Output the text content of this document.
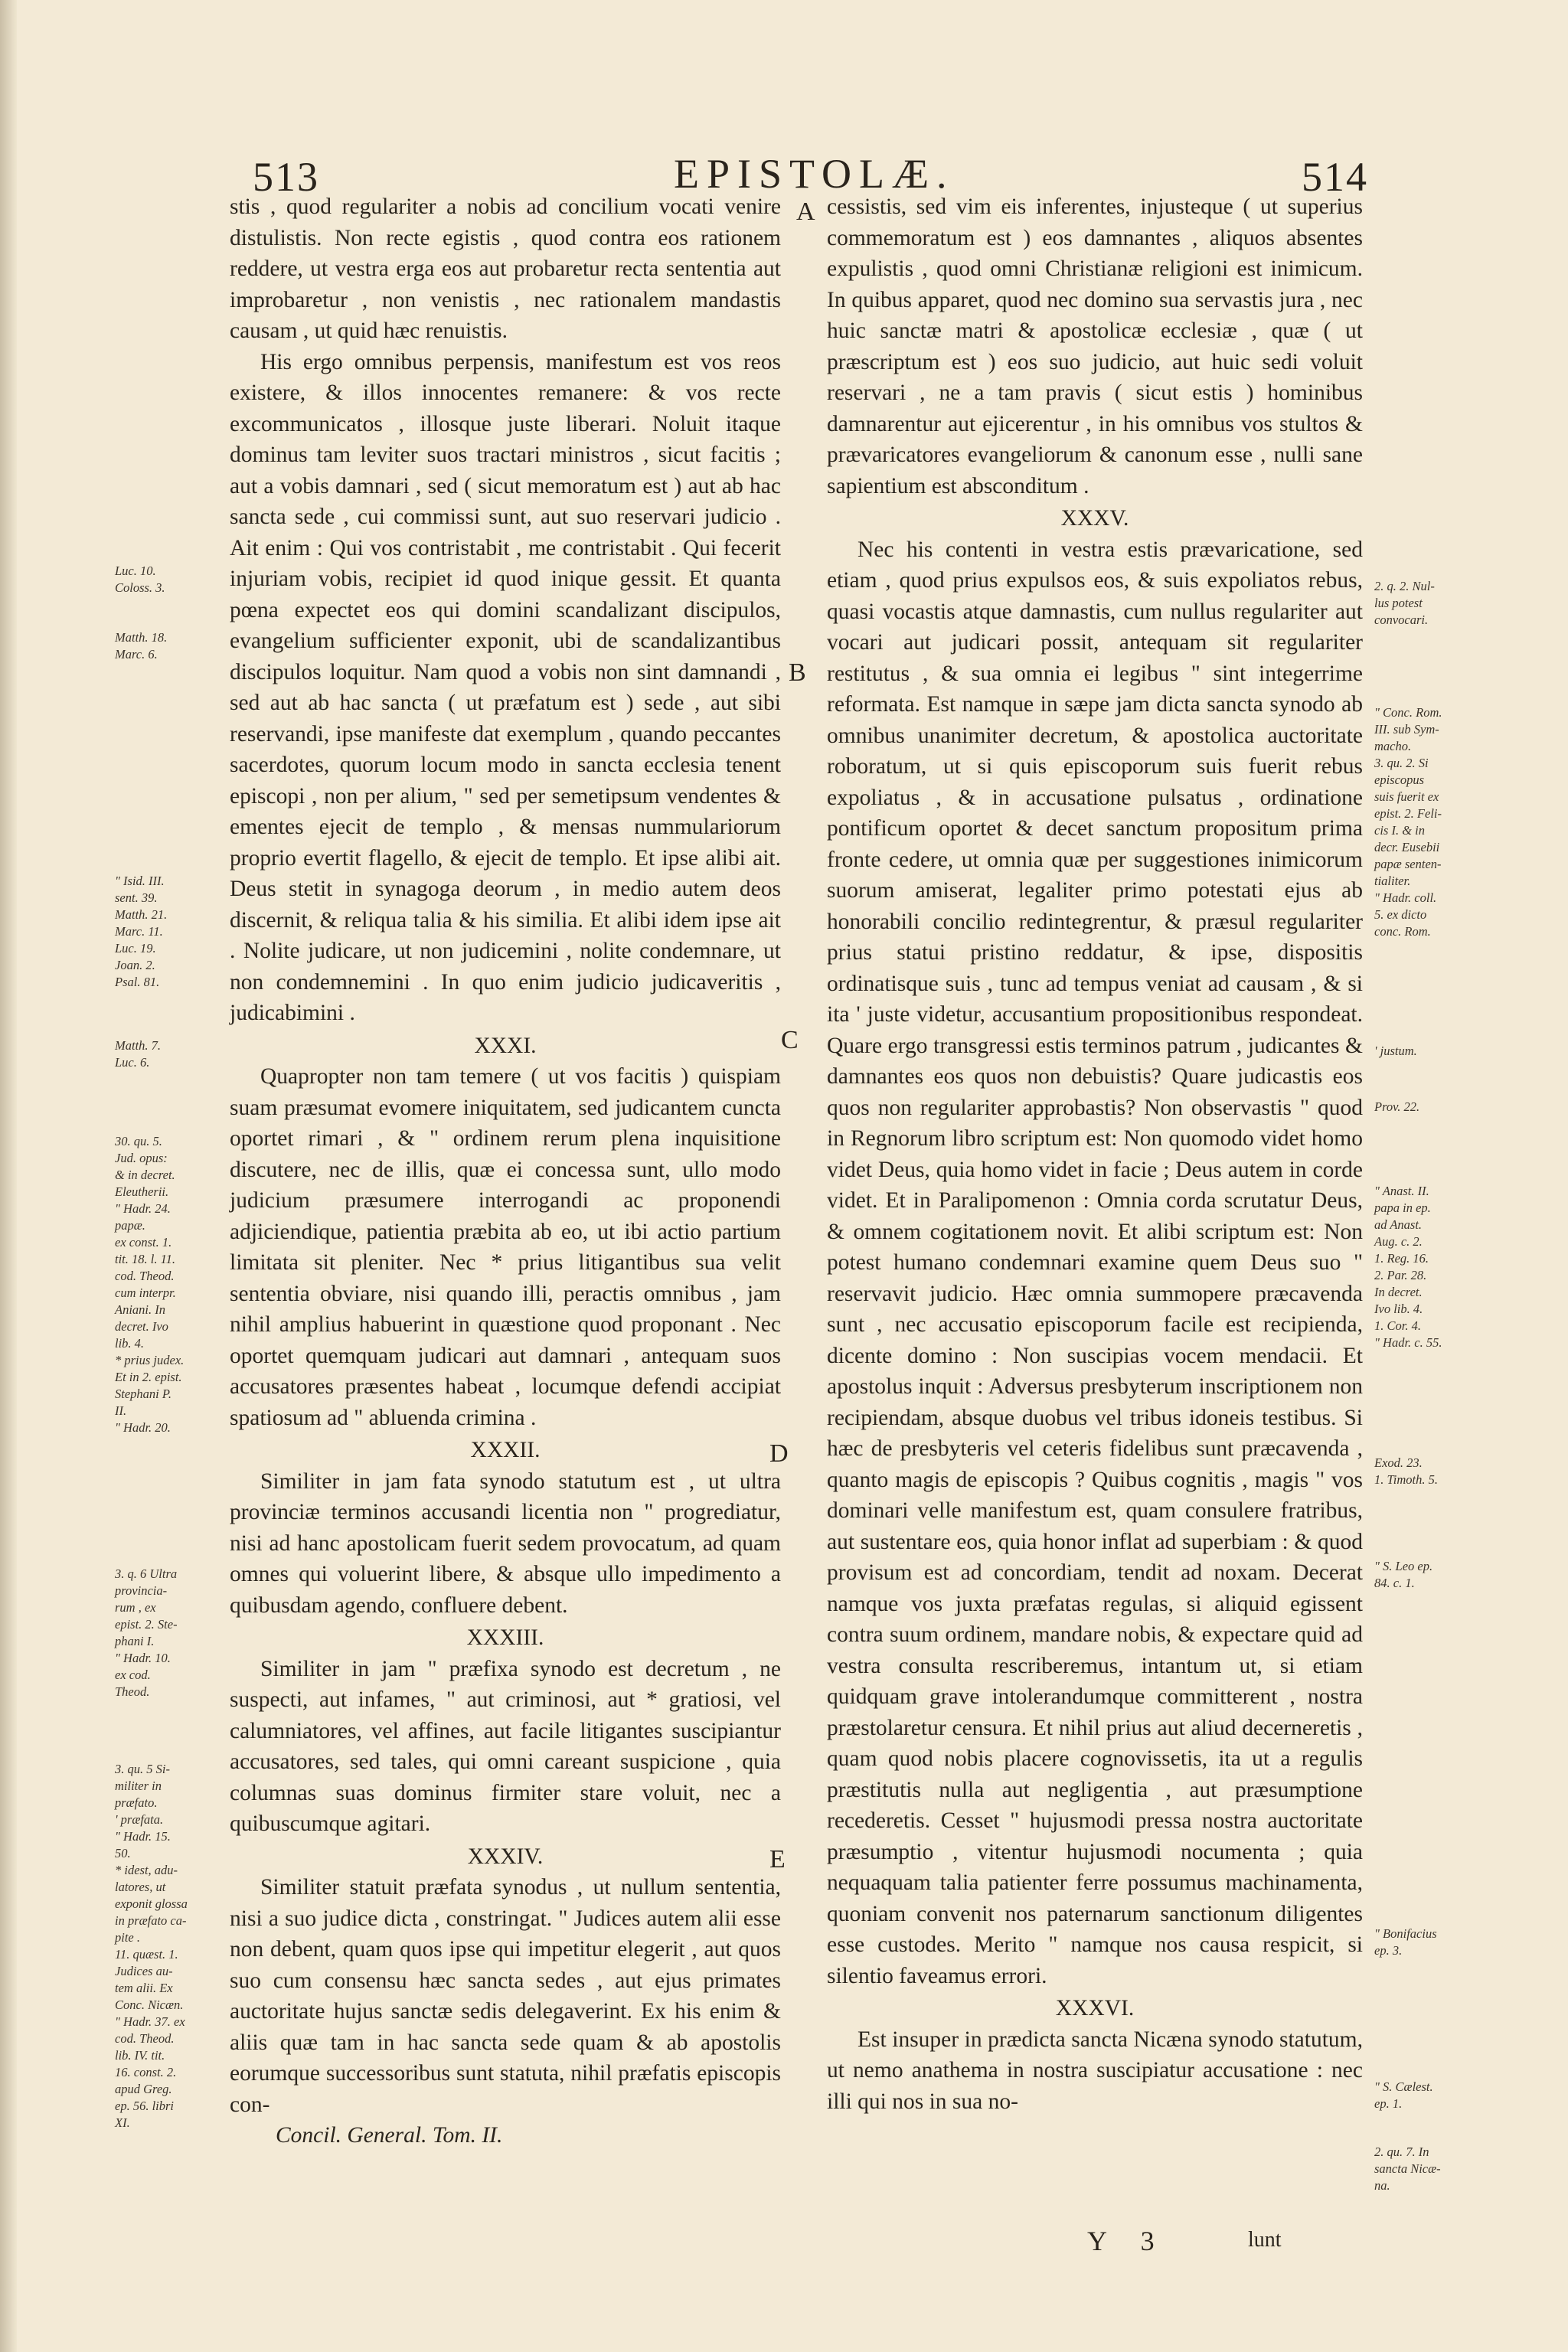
513	EPISTOLÆ.	514

stis , quod regulariter a nobis ad concilium vocati venire distulistis. Non recte egistis , quod contra eos rationem reddere, ut vestra erga eos aut probaretur recta sententia aut improbaretur , non venistis , nec rationalem mandastis causam , ut quid hæc renuistis.

His ergo omnibus perpensis, manifestum est vos reos existere, & illos innocentes remanere: & vos recte excommunicatos , illosque juste liberari. Noluit itaque dominus tam leviter suos tractari ministros , sicut facitis ; aut a vobis damnari , sed ( sicut memoratum est ) aut ab hac sancta sede , cui commissi sunt, aut suo reservari judicio . Ait enim : Qui vos contristabit , me contristabit . Qui fecerit injuriam vobis, recipiet id quod inique gessit. Et quanta pœna expectet eos qui domini scandalizant discipulos, evangelium sufficienter exponit, ubi de scandalizantibus discipulos loquitur. Nam quod a vobis non sint damnandi , sed aut ab hac sancta ( ut præfatum est ) sede , aut sibi reservandi, ipse manifeste dat exemplum , quando peccantes sacerdotes, quorum locum modo in sancta ecclesia tenent episcopi , non per alium, " sed per semetipsum vendentes & ementes ejecit de templo , & mensas nummulariorum proprio evertit flagello, & ejecit de templo. Et ipse alibi ait. Deus stetit in synagoga deorum , in medio autem deos discernit, & reliqua talia & his similia. Et alibi idem ipse ait . Nolite judicare, ut non judicemini , nolite condemnare, ut non condemnemini . In quo enim judicio judicaveritis , judicabimini .

XXXI.

Quapropter non tam temere ( ut vos facitis ) quispiam suam præsumat evomere iniquitatem, sed judicantem cuncta oportet rimari , & " ordinem rerum plena inquisitione discutere, nec de illis, quæ ei concessa sunt, ullo modo judicium præsumere interrogandi ac proponendi adjiciendique, patientia præbita ab eo, ut ibi actio partium limitata sit pleniter. Nec * prius litigantibus sua velit sententia obviare, nisi quando illi, peractis omnibus , jam nihil amplius habuerint in quæstione quod proponant . Nec oportet quemquam judicari aut damnari , antequam suos accusatores præsentes habeat , locumque defendi accipiat spatiosum ad " abluenda crimina .

XXXII.

Similiter in jam fata synodo statutum est , ut ultra provinciæ terminos accusandi licentia non " progrediatur, nisi ad hanc apostolicam fuerit sedem provocatum, ad quam omnes qui voluerint libere, & absque ullo impedimento a quibusdam agendo, confluere debent.

XXXIII.

Similiter in jam " præfixa synodo est decretum , ne suspecti, aut infames, " aut criminosi, aut * gratiosi, vel calumniatores, vel affines, aut facile litigantes suscipiantur accusatores, sed tales, qui omni careant suspicione , quia columnas suas dominus firmiter stare voluit, nec a quibuscumque agitari.

XXXIV.

Similiter statuit præfata synodus , ut nullum sententia, nisi a suo judice dicta , constringat. " Judices autem alii esse non debent, quam quos ipse qui impetitur elegerit , aut quos suo cum consensu hæc sancta sedes , aut ejus primates auctoritate hujus sanctæ sedis delegaverint. Ex his enim & aliis quæ tam in hac sancta sede quam & ab apostolis eorumque successoribus sunt statuta, nihil præfatis episcopis con-

Concil. General. Tom. II.

cessistis, sed vim eis inferentes, injusteque ( ut superius commemoratum est ) eos damnantes , aliquos absentes expulistis , quod omni Christianæ religioni est inimicum. In quibus apparet, quod nec domino sua servastis jura , nec huic sanctæ matri & apostolicæ ecclesiæ , quæ ( ut præscriptum est ) eos suo judicio, aut huic sedi voluit reservari , ne a tam pravis ( sicut estis ) hominibus damnarentur aut ejicerentur , in his omnibus vos stultos & prævaricatores evangeliorum & canonum esse , nulli sane sapientium est absconditum .

XXXV.

Nec his contenti in vestra estis prævaricatione, sed etiam , quod prius expulsos eos, & suis expoliatos rebus, quasi vocastis atque damnastis, cum nullus regulariter aut vocari aut judicari possit, antequam sit regulariter restitutus , & sua omnia ei legibus " sint integerrime reformata. Est namque in sæpe jam dicta sancta synodo ab omnibus unanimiter decretum, & apostolica auctoritate roboratum, ut si quis episcoporum suis fuerit rebus expoliatus , & in accusatione pulsatus , ordinatione pontificum oportet & decet sanctum propositum prima fronte cedere, ut omnia quæ per suggestiones inimicorum suorum amiserat, legaliter primo potestati ejus ab honorabili concilio redintegrentur, & præsul regulariter prius statui pristino reddatur, & ipse, dispositis ordinatisque suis , tunc ad tempus veniat ad causam , & si ita ' juste videtur, accusantium propositionibus respondeat. Quare ergo transgressi estis terminos patrum , judicantes & damnantes eos quos non debuistis? Quare judicastis eos quos non regulariter approbastis? Non observastis " quod in Regnorum libro scriptum est: Non quomodo videt homo videt Deus, quia homo videt in facie ; Deus autem in corde videt. Et in Paralipomenon : Omnia corda scrutatur Deus, & omnem cogitationem novit. Et alibi scriptum est: Non potest humano condemnari examine quem Deus suo " reservavit judicio. Hæc omnia summopere præcavenda sunt , nec accusatio episcoporum facile est recipienda, dicente domino : Non suscipias vocem mendacii. Et apostolus inquit : Adversus presbyterum inscriptionem non recipiendam, absque duobus vel tribus idoneis testibus. Si hæc de presbyteris vel ceteris fidelibus sunt præcavenda , quanto magis de episcopis ? Quibus cognitis , magis " vos dominari velle manifestum est, quam consulere fratribus, aut sustentare eos, quia honor inflat ad superbiam : & quod provisum est ad concordiam, tendit ad noxam. Decerat namque vos juxta præfatas regulas, si aliquid egissent contra suum ordinem, mandare nobis, & expectare quid ad vestra consulta rescriberemus, intantum ut, si etiam quidquam grave intolerandumque committerent , nostra præstolaretur censura. Et nihil prius aut aliud decerneretis , quam quod nobis placere cognovissetis, ita ut a regulis præstitutis nulla aut negligentia , aut præsumptione recederetis. Cesset " hujusmodi pressa nostra auctoritate præsumptio , vitentur hujusmodi nocumenta ; quia nequaquam talia patienter ferre possumus machinamenta, quoniam convenit nos paternarum sanctionum diligentes esse custodes. Merito " namque nos causa respicit, si silentio faveamus errori.

XXXVI.

Est insuper in prædicta sancta Nicæna synodo statutum, ut nemo anathema in nostra suscipiatur accusatione : nec illi qui nos in sua no-

Y 3	lunt
A
B
C
D
E
Luc. 10.
Coloss. 3.
Matth. 18.
Marc. 6.
" Isid. III.
sent. 39.
Matth. 21.
Marc. 11.
Luc. 19.
Joan. 2.
Psal. 81.
Matth. 7.
Luc. 6.
30. qu. 5.
Jud. opus:
& in decret.
Eleutherii.
" Hadr. 24.
papæ.
ex const. 1.
tit. 18. l. 11.
cod. Theod.
cum interpr.
Aniani. In
decret. Ivo
lib. 4.
* prius judex.
Et in 2. epist.
Stephani P.
II.
" Hadr. 20.
3. q. 6 Ultra
provincia-
rum , ex
epist. 2. Ste-
phani I.
" Hadr. 10.
ex cod.
Theod.
3. qu. 5 Si-
militer in
præfato.
' præfata.
" Hadr. 15.
50.
* idest, adu-
latores, ut
exponit glossa
in præfato ca-
pite .
11. quæst. 1.
Judices au-
tem alii. Ex
Conc. Nicæn.
" Hadr. 37. ex
cod. Theod.
lib. IV. tit.
16. const. 2.
apud Greg.
ep. 56. libri
XI.
2. q. 2. Nul-
lus potest
convocari.
" Conc. Rom.
III. sub Sym-
macho.
3. qu. 2. Si
episcopus
suis fuerit ex
epist. 2. Feli-
cis I. & in
decr. Eusebii
papæ senten-
tialiter.
" Hadr. coll.
5. ex dicto
conc. Rom.
' justum.
Prov. 22.
" Anast. II.
papa in ep.
ad Anast.
Aug. c. 2.
1. Reg. 16.
2. Par. 28.
In decret.
Ivo lib. 4.
1. Cor. 4.
" Hadr. c. 55.
Exod. 23.
1. Timoth. 5.
" S. Leo ep.
84. c. 1.
" Bonifacius
ep. 3.
" S. Cælest.
ep. 1.
2. qu. 7. In
sancta Nicæ-
na.
